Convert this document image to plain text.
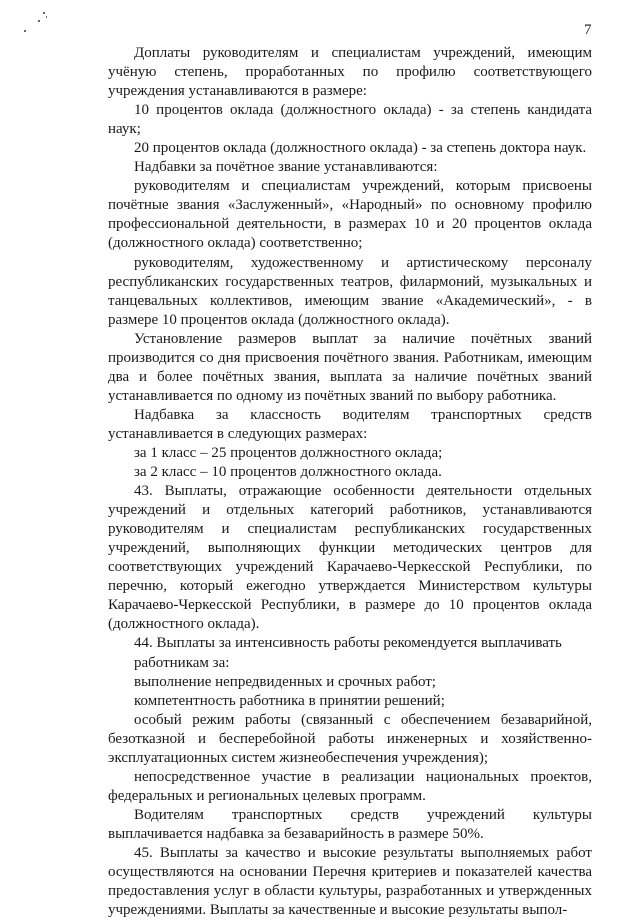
7

Доплаты руководителям и специалистам учреждений, имеющим учёную степень, проработанных по профилю соответствующего учреждения устанавливаются в размере:

10 процентов оклада (должностного оклада) - за степень кандидата наук;

20 процентов оклада (должностного оклада) - за степень доктора наук.

Надбавки за почётное звание устанавливаются:

руководителям и специалистам учреждений, которым присвоены почётные звания «Заслуженный», «Народный» по основному профилю профессиональной деятельности, в размерах 10 и 20 процентов оклада (должностного оклада) соответственно;

руководителям, художественному и артистическому персоналу республиканских государственных театров, филармоний, музыкальных и танцевальных коллективов, имеющим звание «Академический», - в размере 10 процентов оклада (должностного оклада).

Установление размеров выплат за наличие почётных званий производится со дня присвоения почётного звания. Работникам, имеющим два и более почётных звания, выплата за наличие почётных званий устанавливается по одному из почётных званий по выбору работника.

Надбавка за классность водителям транспортных средств устанавливается в следующих размерах:

за 1 класс – 25 процентов должностного оклада;

за 2 класс – 10 процентов должностного оклада.

43. Выплаты, отражающие особенности деятельности отдельных учреждений и отдельных категорий работников, устанавливаются руководителям и специалистам республиканских государственных учреждений, выполняющих функции методических центров для соответствующих учреждений Карачаево-Черкесской Республики, по перечню, который ежегодно утверждается Министерством культуры Карачаево-Черкесской Республики, в размере до 10 процентов оклада (должностного оклада).

44. Выплаты за интенсивность работы рекомендуется выплачивать

работникам за:

выполнение непредвиденных и срочных работ;

компетентность работника в принятии решений;

особый режим работы (связанный с обеспечением безаварийной, безотказной и бесперебойной работы инженерных и хозяйственно-эксплуатационных систем жизнеобеспечения учреждения);

непосредственное участие в реализации национальных проектов, федеральных и региональных целевых программ.

Водителям транспортных средств учреждений культуры выплачивается надбавка за безаварийность в размере 50%.

45. Выплаты за качество и высокие результаты выполняемых работ осуществляются на основании Перечня критериев и показателей качества предоставления услуг в области культуры, разработанных и утвержденных учреждениями. Выплаты за качественные и высокие результаты выпол-
